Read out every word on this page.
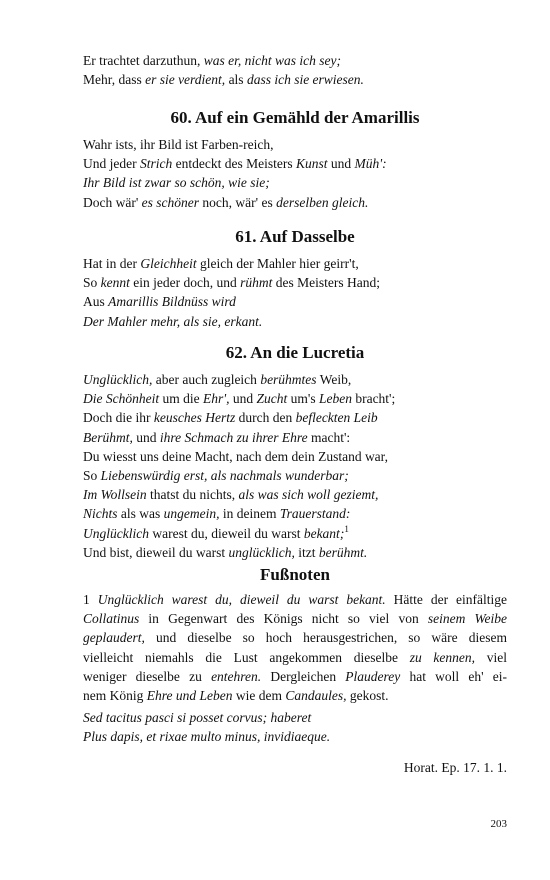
Er trachtet darzuthun, was er, nicht was ich sey;
Mehr, dass er sie verdient, als dass ich sie erwiesen.
60. Auf ein Gemähld der Amarillis
Wahr ists, ihr Bild ist Farben-reich,
Und jeder Strich entdeckt des Meisters Kunst und Müh':
Ihr Bild ist zwar so schön, wie sie;
Doch wär' es schöner noch, wär' es derselben gleich.
61. Auf Dasselbe
Hat in der Gleichheit gleich der Mahler hier geirr't,
So kennt ein jeder doch, und rühmt des Meisters Hand;
Aus Amarillis Bildnüss wird
Der Mahler mehr, als sie, erkant.
62. An die Lucretia
Unglücklich, aber auch zugleich berühmtes Weib,
Die Schönheit um die Ehr', und Zucht um's Leben bracht';
Doch die ihr keusches Hertz durch den befleckten Leib
Berühmt, und ihre Schmach zu ihrer Ehre macht':
Du wiesst uns deine Macht, nach dem dein Zustand war,
So Liebenswürdig erst, als nachmals wunderbar;
Im Wollsein thatst du nichts, als was sich woll geziemt,
Nichts als was ungemein, in deinem Trauerstand:
Unglücklich warest du, dieweil du warst bekant;$^1$
Und bist, dieweil du warst unglücklich, itzt berühmt.
Fußnoten
1 Unglücklich warest du, dieweil du warst bekant. Hätte der einfältige
Collatinus in Gegenwart des Königs nicht so viel von seinem Weibe
geplaudert, und dieselbe so hoch herausgestrichen, so wäre diesem
vielleicht niemahls die Lust angekommen dieselbe zu kennen, viel
weniger dieselbe zu entehren. Dergleichen Plauderey hat woll eh' ei-
nem König Ehre und Leben wie dem Candaules, gekost.
Sed tacitus pasci si posset corvus; haberet
Plus dapis, et rixae multo minus, invidiaeque.
Horat. Ep. 17. 1. 1.
203
